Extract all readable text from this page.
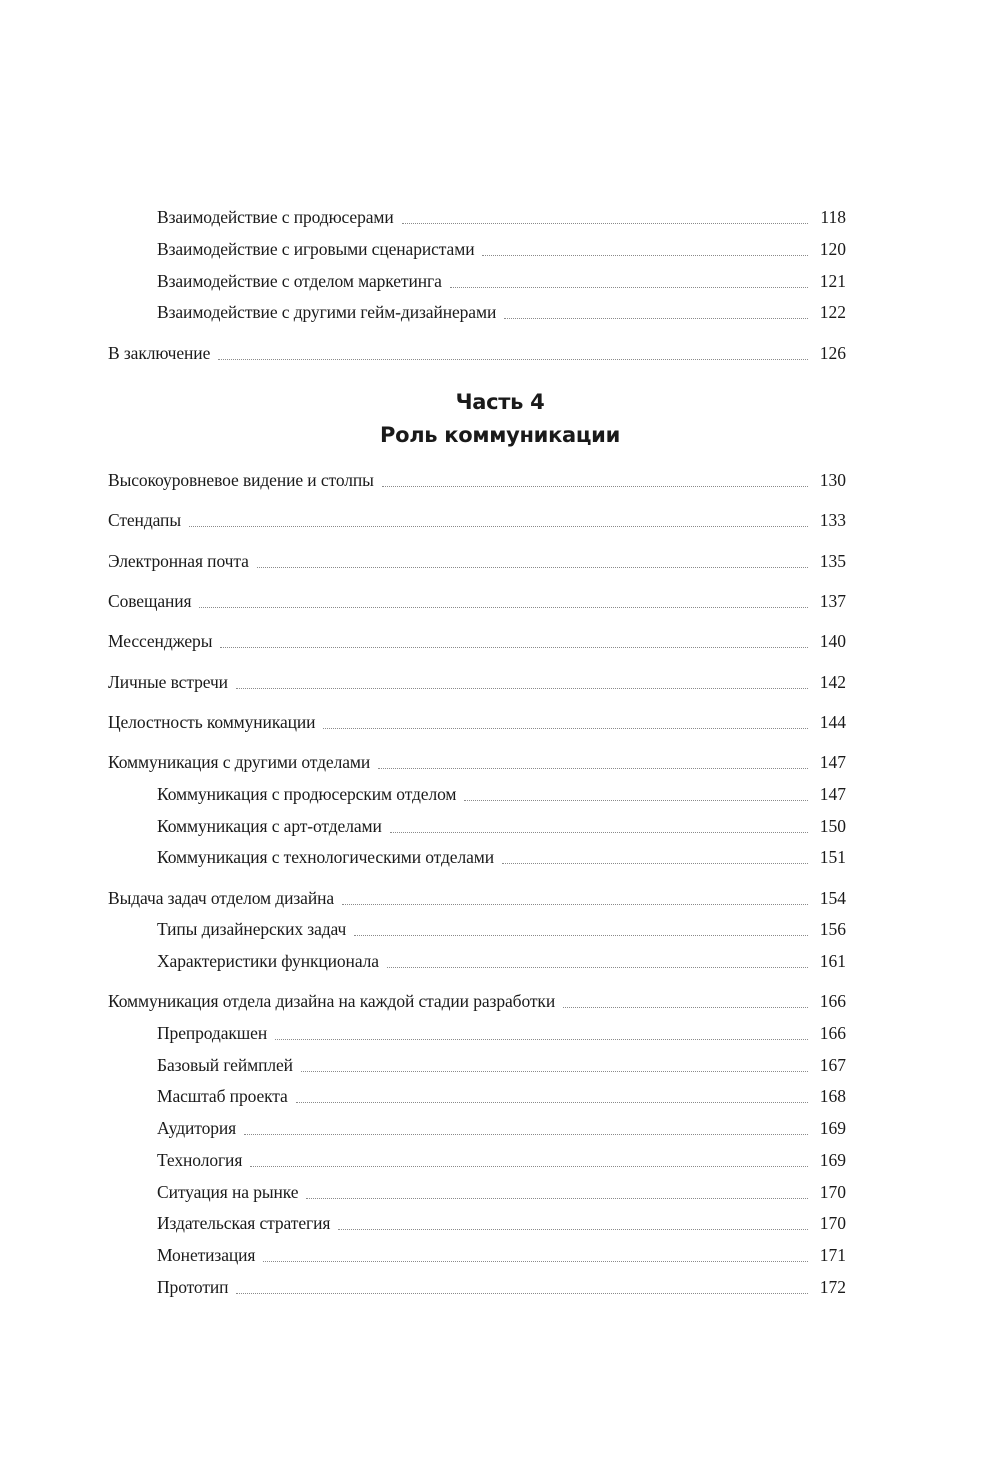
Взаимодействие с продюсерами	118
Взаимодействие с игровыми сценаристами	120
Взаимодействие с отделом маркетинга	121
Взаимодействие с другими гейм-дизайнерами	122
В заключение	126
Часть 4
Роль коммуникации
Высокоуровневое видение и столпы	130
Стендапы	133
Электронная почта	135
Совещания	137
Мессенджеры	140
Личные встречи	142
Целостность коммуникации	144
Коммуникация с другими отделами	147
Коммуникация с продюсерским отделом	147
Коммуникация с арт-отделами	150
Коммуникация с технологическими отделами	151
Выдача задач отделом дизайна	154
Типы дизайнерских задач	156
Характеристики функционала	161
Коммуникация отдела дизайна на каждой стадии разработки	166
Препродакшен	166
Базовый геймплей	167
Масштаб проекта	168
Аудитория	169
Технология	169
Ситуация на рынке	170
Издательская стратегия	170
Монетизация	171
Прототип	172
